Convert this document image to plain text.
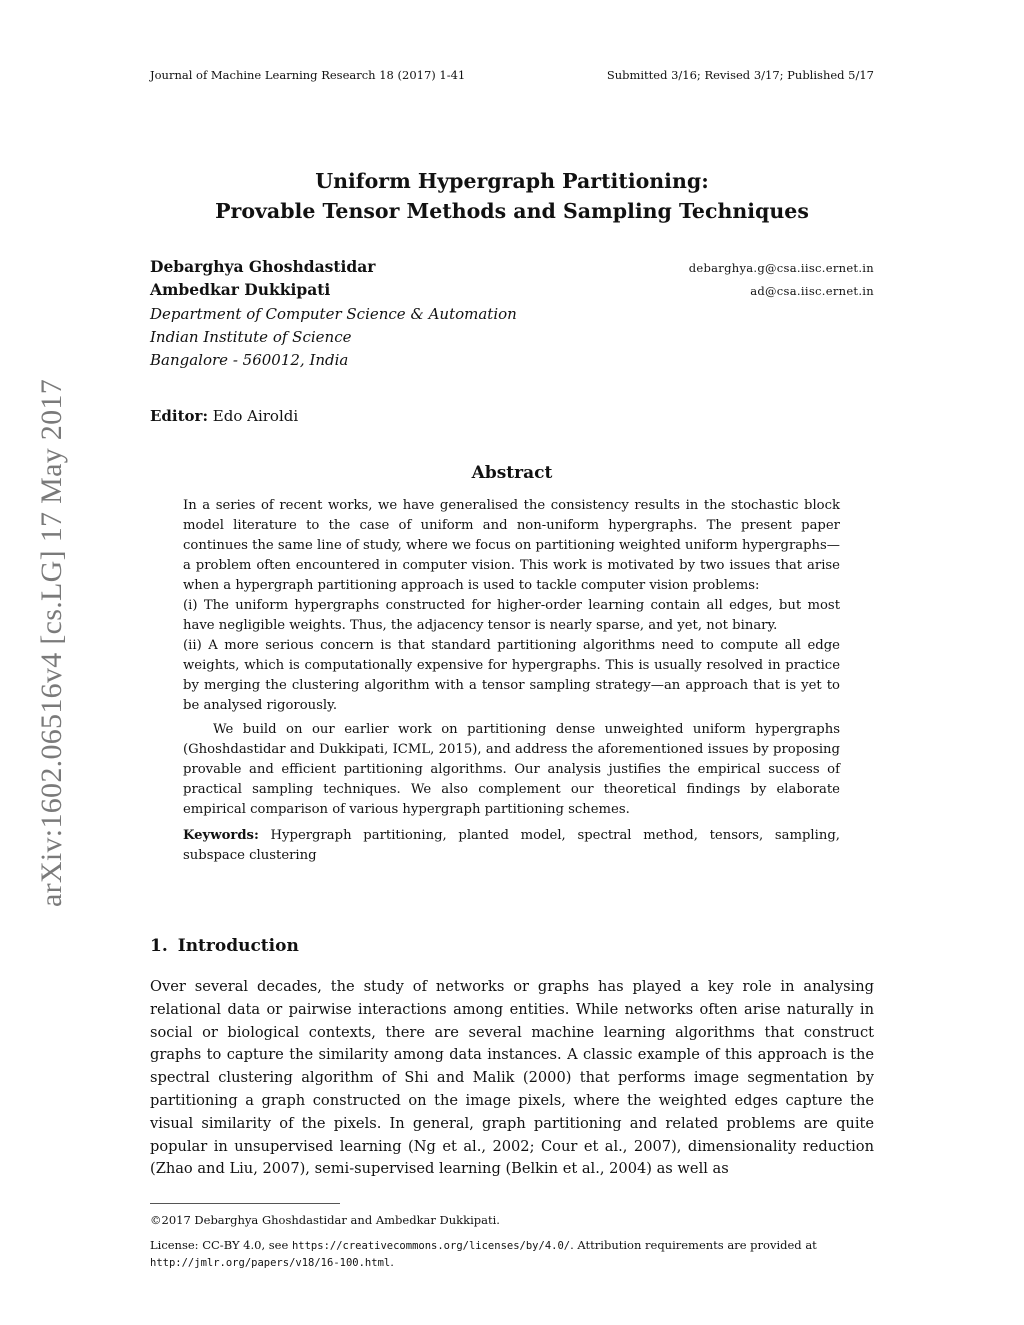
Journal of Machine Learning Research 18 (2017) 1-41	Submitted 3/16; Revised 3/17; Published 5/17
arXiv:1602.06516v4 [cs.LG] 17 May 2017
Uniform Hypergraph Partitioning:
Provable Tensor Methods and Sampling Techniques
Debarghya Ghoshdastidar	debarghya.g@csa.iisc.ernet.in
Ambedkar Dukkipati	ad@csa.iisc.ernet.in
Department of Computer Science & Automation
Indian Institute of Science
Bangalore - 560012, India
Editor: Edo Airoldi
Abstract

In a series of recent works, we have generalised the consistency results in the stochastic block model literature to the case of uniform and non-uniform hypergraphs. The present paper continues the same line of study, where we focus on partitioning weighted uniform hypergraphs—a problem often encountered in computer vision. This work is motivated by two issues that arise when a hypergraph partitioning approach is used to tackle computer vision problems:

(i) The uniform hypergraphs constructed for higher-order learning contain all edges, but most have negligible weights. Thus, the adjacency tensor is nearly sparse, and yet, not binary.

(ii) A more serious concern is that standard partitioning algorithms need to compute all edge weights, which is computationally expensive for hypergraphs. This is usually resolved in practice by merging the clustering algorithm with a tensor sampling strategy—an approach that is yet to be analysed rigorously.

We build on our earlier work on partitioning dense unweighted uniform hypergraphs (Ghoshdastidar and Dukkipati, ICML, 2015), and address the aforementioned issues by proposing provable and efficient partitioning algorithms. Our analysis justifies the empirical success of practical sampling techniques. We also complement our theoretical findings by elaborate empirical comparison of various hypergraph partitioning schemes.

Keywords: Hypergraph partitioning, planted model, spectral method, tensors, sampling, subspace clustering
1. Introduction

Over several decades, the study of networks or graphs has played a key role in analysing relational data or pairwise interactions among entities. While networks often arise naturally in social or biological contexts, there are several machine learning algorithms that construct graphs to capture the similarity among data instances. A classic example of this approach is the spectral clustering algorithm of Shi and Malik (2000) that performs image segmentation by partitioning a graph constructed on the image pixels, where the weighted edges capture the visual similarity of the pixels. In general, graph partitioning and related problems are quite popular in unsupervised learning (Ng et al., 2002; Cour et al., 2007), dimensionality reduction (Zhao and Liu, 2007), semi-supervised learning (Belkin et al., 2004) as well as

©2017 Debarghya Ghoshdastidar and Ambedkar Dukkipati.
License: CC-BY 4.0, see https://creativecommons.org/licenses/by/4.0/. Attribution requirements are provided at http://jmlr.org/papers/v18/16-100.html.
